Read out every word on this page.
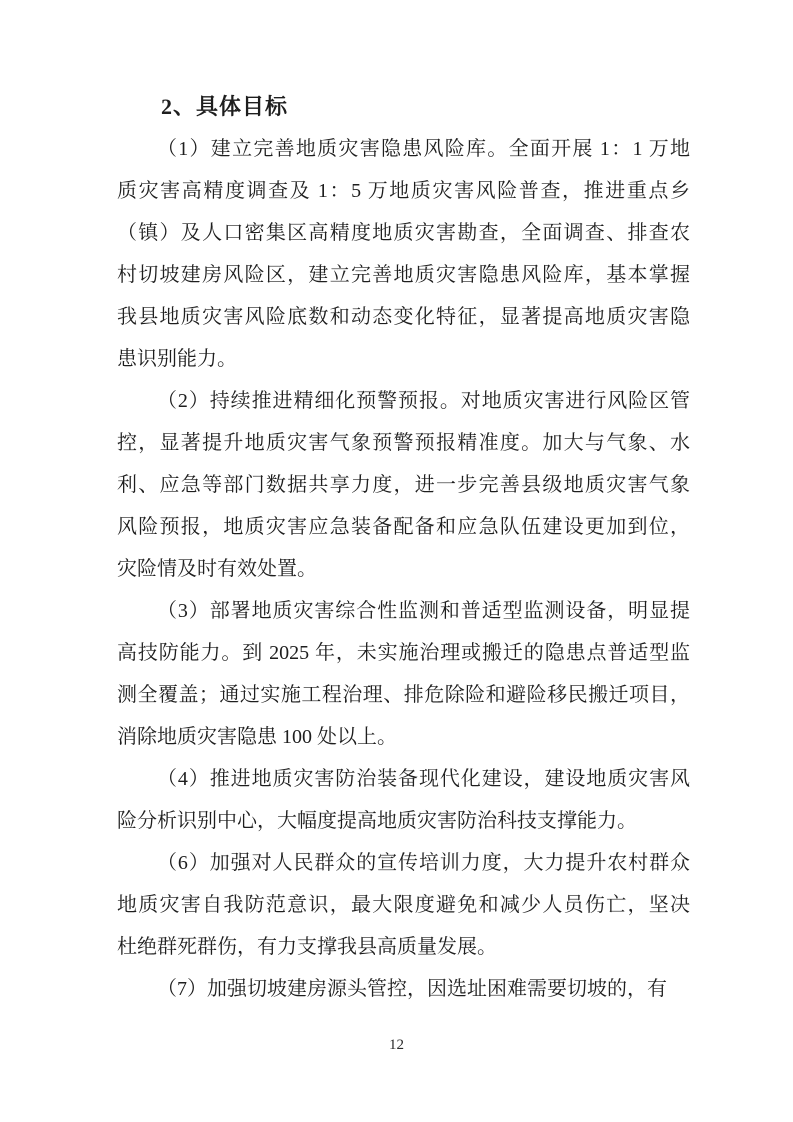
2、具体目标
（1）建立完善地质灾害隐患风险库。全面开展 1：1 万地
质灾害高精度调查及 1：5 万地质灾害风险普查，推进重点乡
（镇）及人口密集区高精度地质灾害勘查，全面调查、排查农
村切坡建房风险区，建立完善地质灾害隐患风险库，基本掌握
我县地质灾害风险底数和动态变化特征，显著提高地质灾害隐
患识别能力。
（2）持续推进精细化预警预报。对地质灾害进行风险区管
控，显著提升地质灾害气象预警预报精准度。加大与气象、水
利、应急等部门数据共享力度，进一步完善县级地质灾害气象
风险预报，地质灾害应急装备配备和应急队伍建设更加到位，
灾险情及时有效处置。
（3）部署地质灾害综合性监测和普适型监测设备，明显提
高技防能力。到 2025 年，未实施治理或搬迁的隐患点普适型监
测全覆盖；通过实施工程治理、排危除险和避险移民搬迁项目，
消除地质灾害隐患 100 处以上。
（4）推进地质灾害防治装备现代化建设，建设地质灾害风
险分析识别中心，大幅度提高地质灾害防治科技支撑能力。
（6）加强对人民群众的宣传培训力度，大力提升农村群众
地质灾害自我防范意识，最大限度避免和减少人员伤亡，坚决
杜绝群死群伤，有力支撑我县高质量发展。
（7）加强切坡建房源头管控，因选址困难需要切坡的，有
12
